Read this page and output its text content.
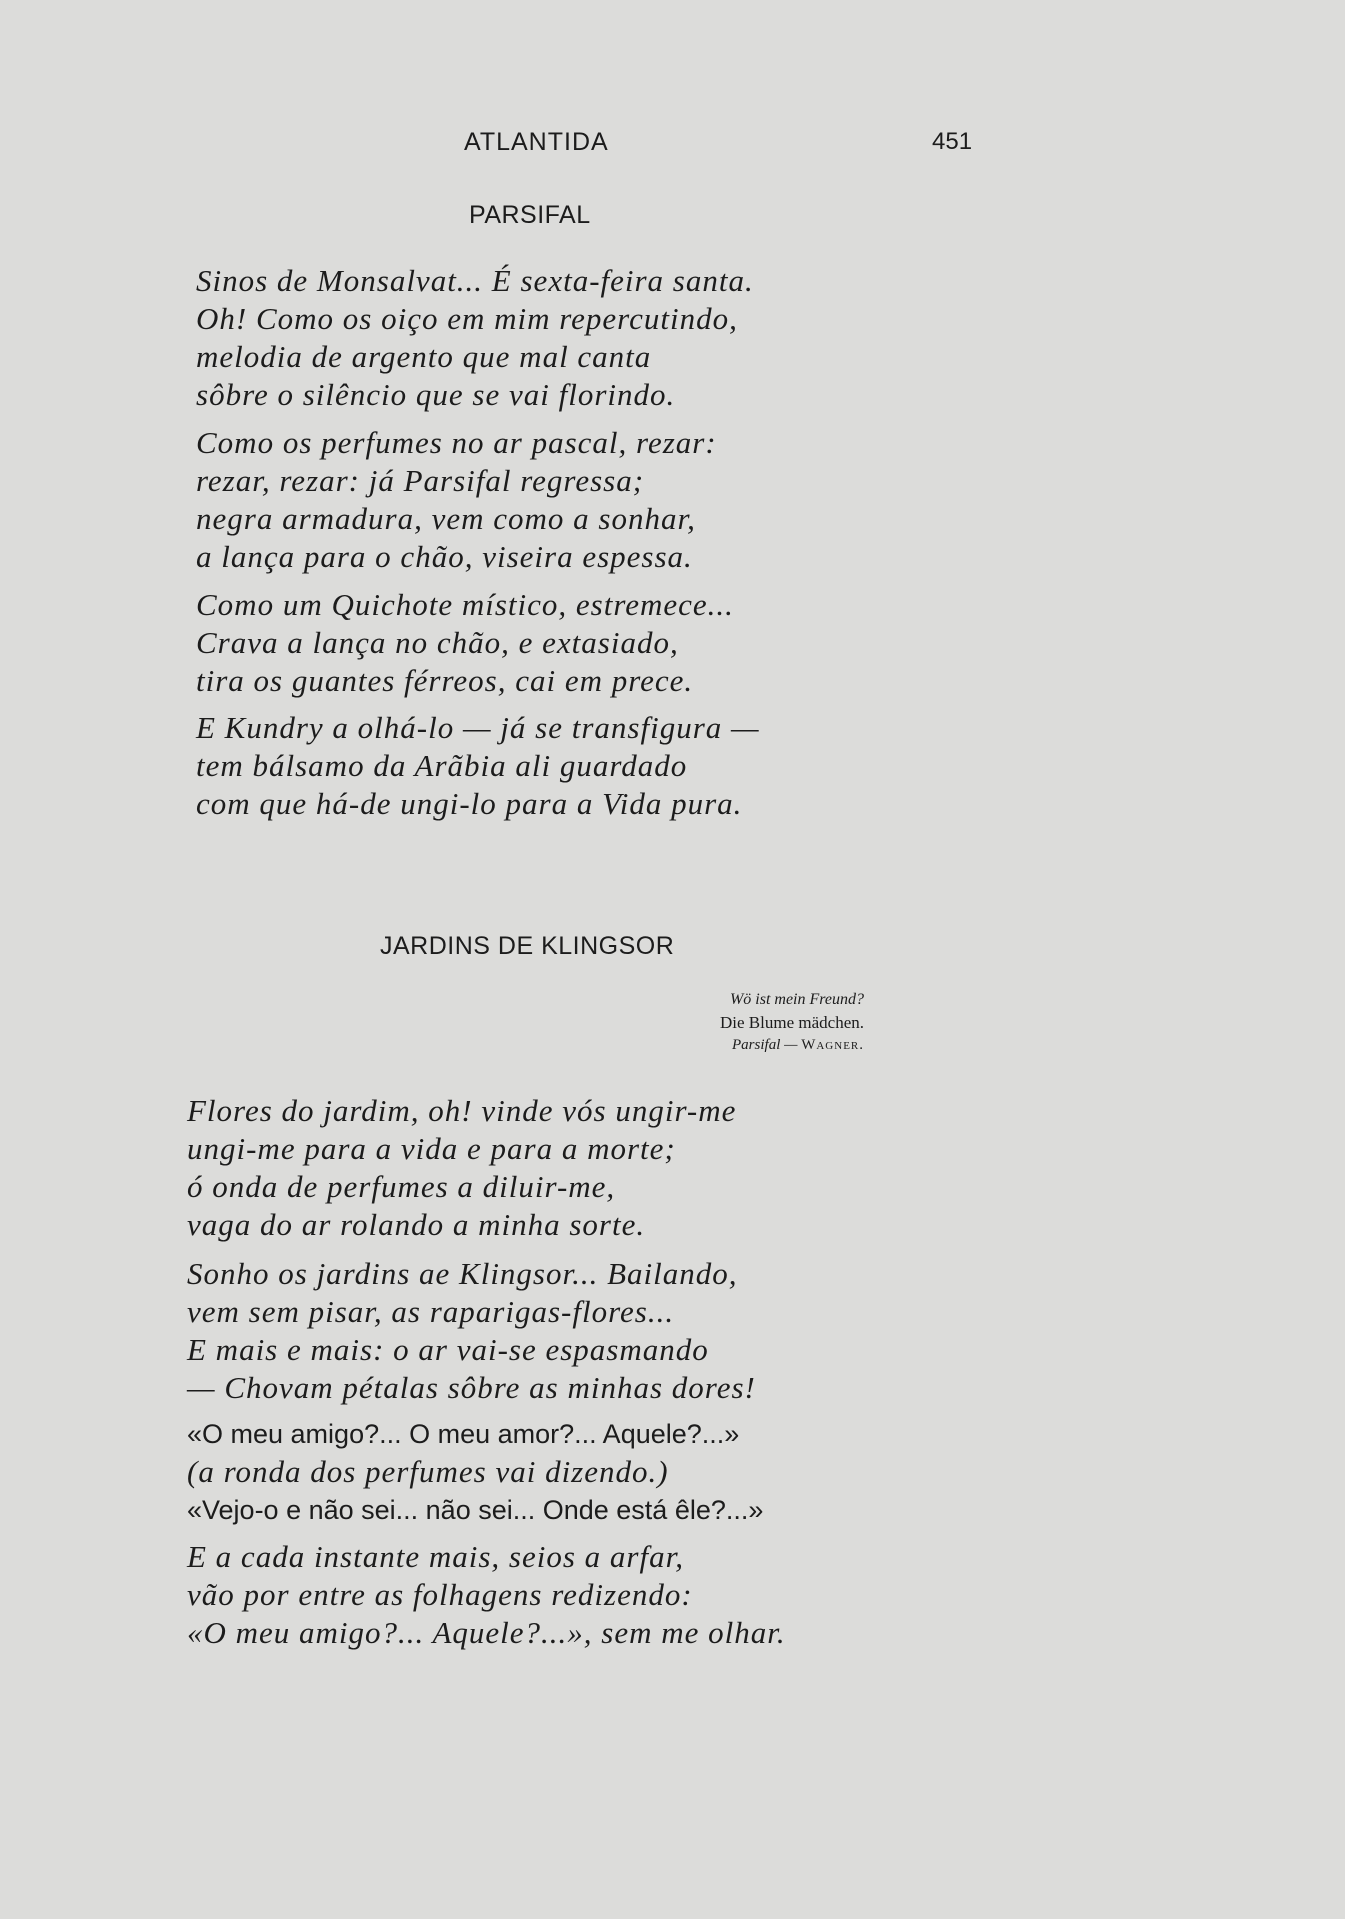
ATLANTIDA	451
PARSIFAL
Sinos de Monsalvat... É sexta-feira santa.
Oh! Como os oiço em mim repercutindo,
melodia de argento que mal canta
sôbre o silêncio que se vai florindo.
Como os perfumes no ar pascal, rezar:
rezar, rezar: já Parsifal regressa;
negra armadura, vem como a sonhar,
a lança para o chão, viseira espessa.
Como um Quichote místico, estremece...
Crava a lança no chão, e extasiado,
tira os guantes férreos, cai em prece.
E Kundry a olhá-lo — já se transfigura —
tem bálsamo da Arãbia ali guardado
com que há-de ungi-lo para a Vida pura.
JARDINS DE KLINGSOR
Wö ist mein Freund?
Die Blume mädchen.
Parsifal — Wagner.
Flores do jardim, oh! vinde vós ungir-me
ungi-me para a vida e para a morte;
ó onda de perfumes a diluir-me,
vaga do ar rolando a minha sorte.
Sonho os jardins ae Klingsor... Bailando,
vem sem pisar, as raparigas-flores...
E mais e mais: o ar vai-se espasmando
— Chovam pétalas sôbre as minhas dores!
«O meu amigo?... O meu amor?... Aquele?...»
(a ronda dos perfumes vai dizendo.)
«Vejo-o e não sei... não sei... Onde está êle?...»
E a cada instante mais, seios a arfar,
vão por entre as folhagens redizendo:
«O meu amigo?... Aquele?...», sem me olhar.
